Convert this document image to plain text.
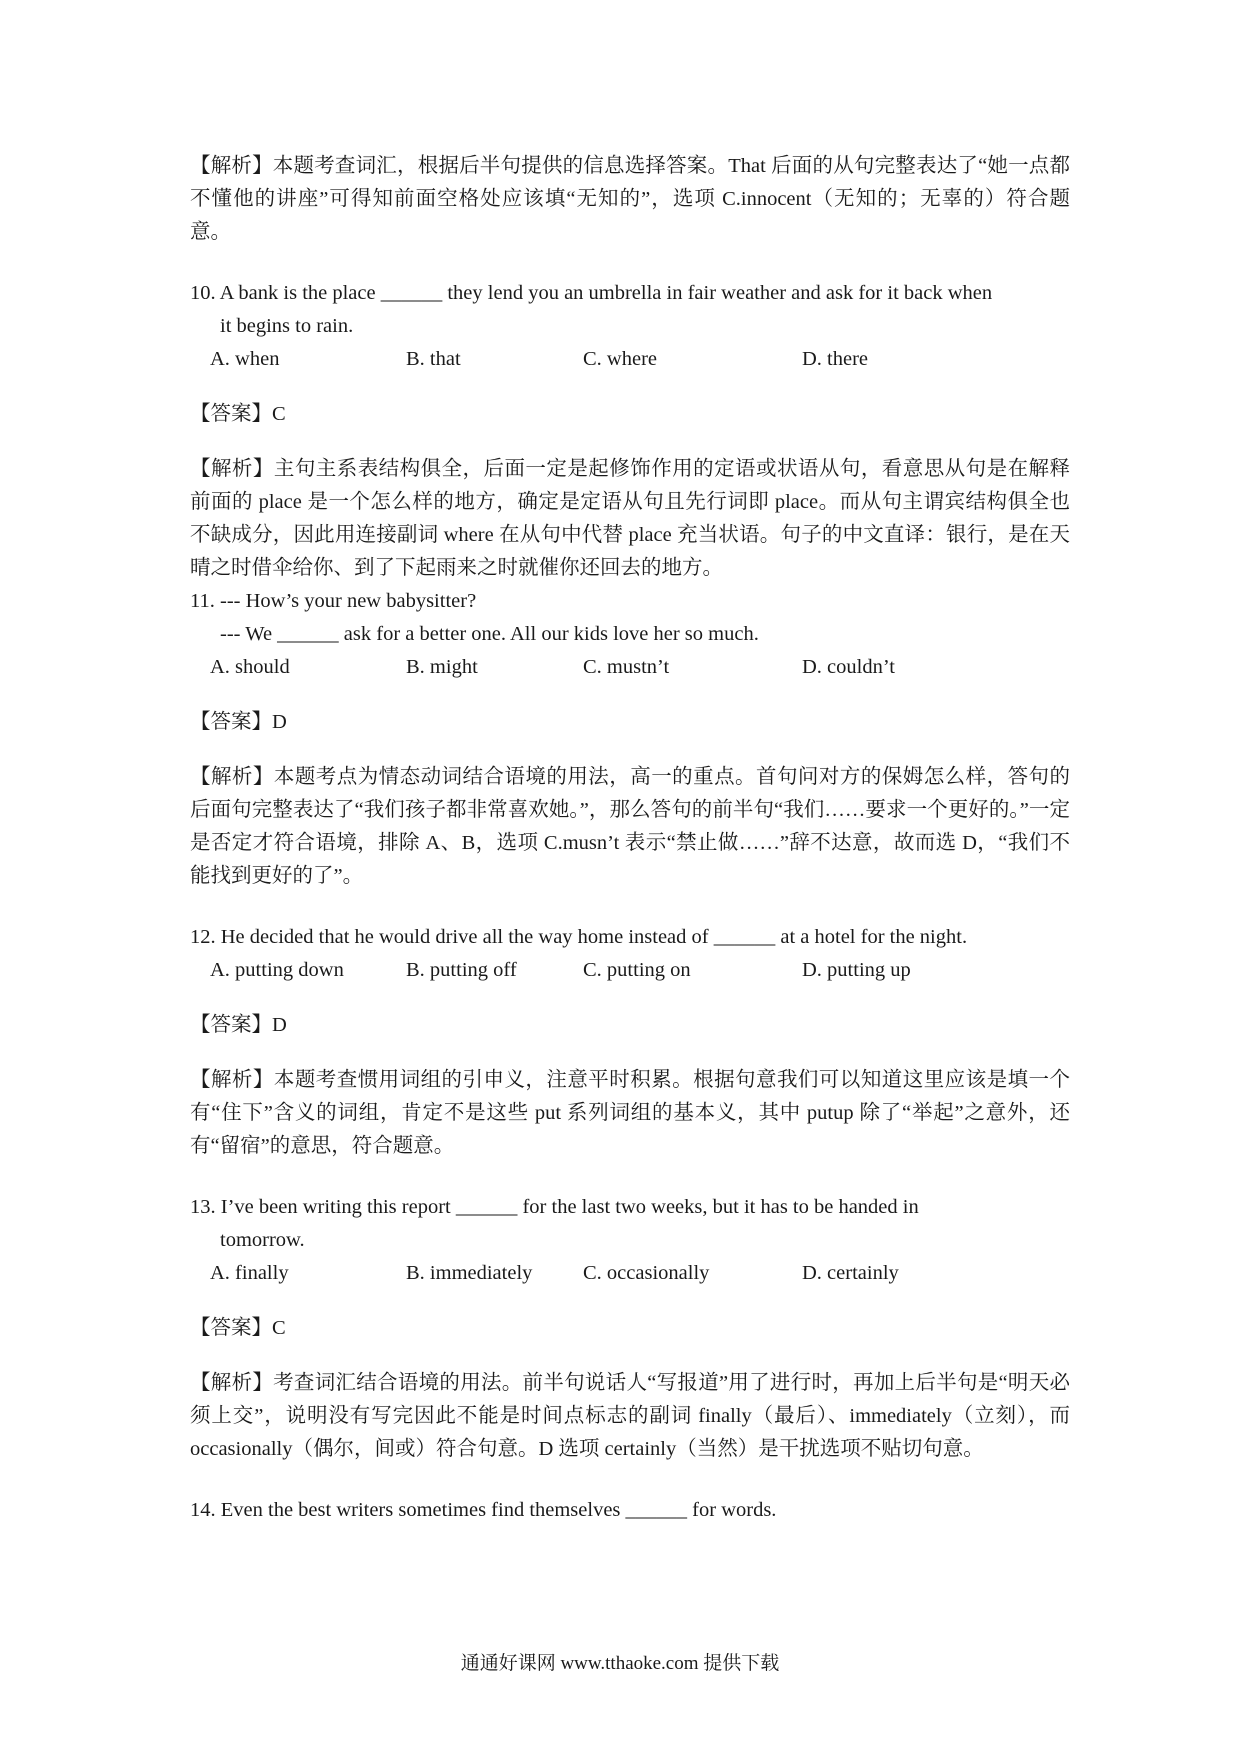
【解析】本题考查词汇，根据后半句提供的信息选择答案。That 后面的从句完整表达了“她一点都不懂他的讲座”可得知前面空格处应该填“无知的”，选项 C.innocent（无知的；无辜的）符合题意。

10. A bank is the place ______ they lend you an umbrella in fair weather and ask for it back when

it begins to rain.

A. when	B. that	C. where	D. there

【答案】C

【解析】主句主系表结构俱全，后面一定是起修饰作用的定语或状语从句，看意思从句是在解释前面的 place 是一个怎么样的地方，确定是定语从句且先行词即 place。而从句主谓宾结构俱全也不缺成分，因此用连接副词 where 在从句中代替 place 充当状语。句子的中文直译：银行，是在天晴之时借伞给你、到了下起雨来之时就催你还回去的地方。

11. --- How’s your new babysitter?

--- We ______ ask for a better one. All our kids love her so much.

A. should	B. might	C. mustn’t	D. couldn’t

【答案】D

【解析】本题考点为情态动词结合语境的用法，高一的重点。首句问对方的保姆怎么样，答句的后面句完整表达了“我们孩子都非常喜欢她。”，那么答句的前半句“我们……要求一个更好的。”一定是否定才符合语境，排除 A、B，选项 C.musn’t 表示“禁止做……”辞不达意，故而选 D，“我们不能找到更好的了”。

12. He decided that he would drive all the way home instead of ______ at a hotel for the night.

A. putting down	B. putting off	C. putting on	D. putting up

【答案】D

【解析】本题考查惯用词组的引申义，注意平时积累。根据句意我们可以知道这里应该是填一个有“住下”含义的词组，肯定不是这些 put 系列词组的基本义，其中 putup 除了“举起”之意外，还有“留宿”的意思，符合题意。

13. I’ve been writing this report ______ for the last two weeks, but it has to be handed in

tomorrow.

A. finally	B. immediately C. occasionally	D. certainly

【答案】C

【解析】考查词汇结合语境的用法。前半句说话人“写报道”用了进行时，再加上后半句是“明天必须上交”，说明没有写完因此不能是时间点标志的副词 finally（最后）、immediately（立刻），而 occasionally（偶尔，间或）符合句意。D 选项 certainly（当然）是干扰选项不贴切句意。

14. Even the best writers sometimes find themselves ______ for words.

通通好课网 www.tthaoke.com 提供下载
